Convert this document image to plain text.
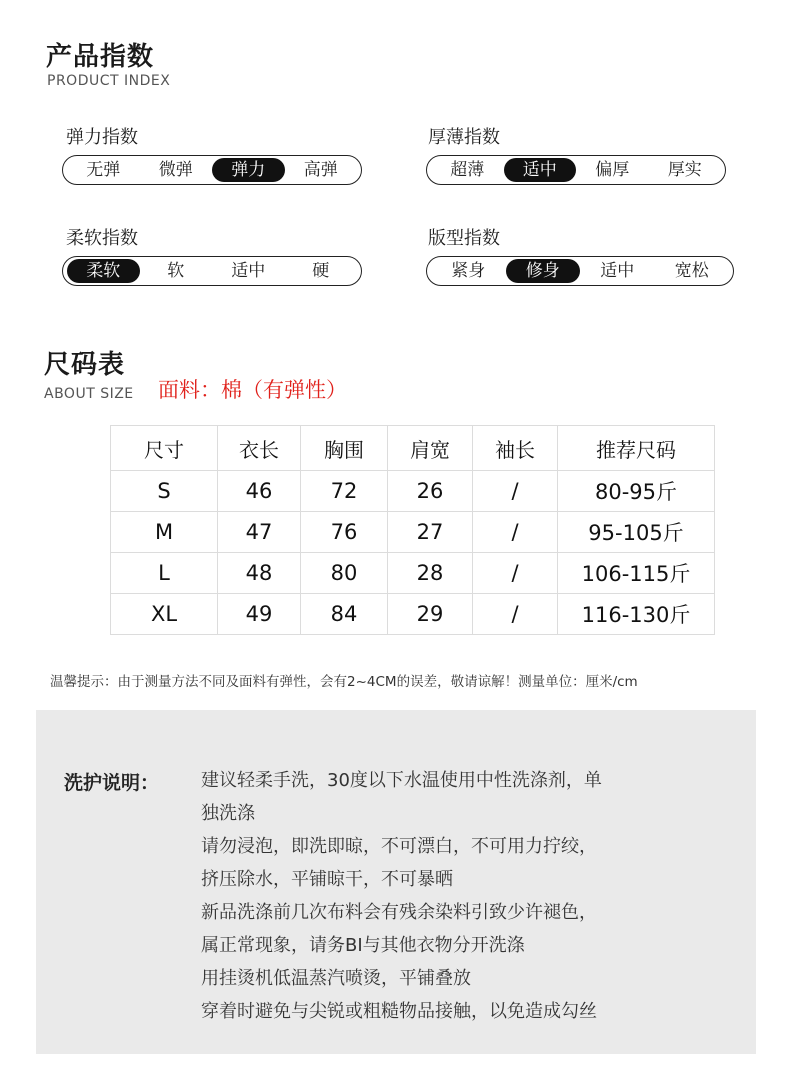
产品指数
PRODUCT INDEX
弹力指数
无弹	微弹	弹力	高弹
厚薄指数
超薄	适中	偏厚	厚实
柔软指数
柔软	软	适中	硬
版型指数
紧身	修身	适中	宽松
尺码表
ABOUT SIZE 面料：棉（有弹性）
尺寸	衣长	胸围	肩宽	袖长	推荐尺码
S	46	72	26	/	80-95斤
M	47	76	27	/	95-105斤
L	48	80	28	/	106-115斤
XL	49	84	29	/	116-130斤
温馨提示：由于测量方法不同及面料有弹性，会有2~4CM的误差，敬请谅解！测量单位：厘米/cm
洗护说明： 建议轻柔手洗，30度以下水温使用中性洗涤剂，单
独洗涤
请勿浸泡，即洗即晾，不可漂白，不可用力拧绞，
挤压除水，平铺晾干，不可暴晒
新品洗涤前几次布料会有残余染料引致少许褪色，
属正常现象，请务BI与其他衣物分开洗涤
用挂烫机低温蒸汽喷烫，平铺叠放
穿着时避免与尖锐或粗糙物品接触，以免造成勾丝
